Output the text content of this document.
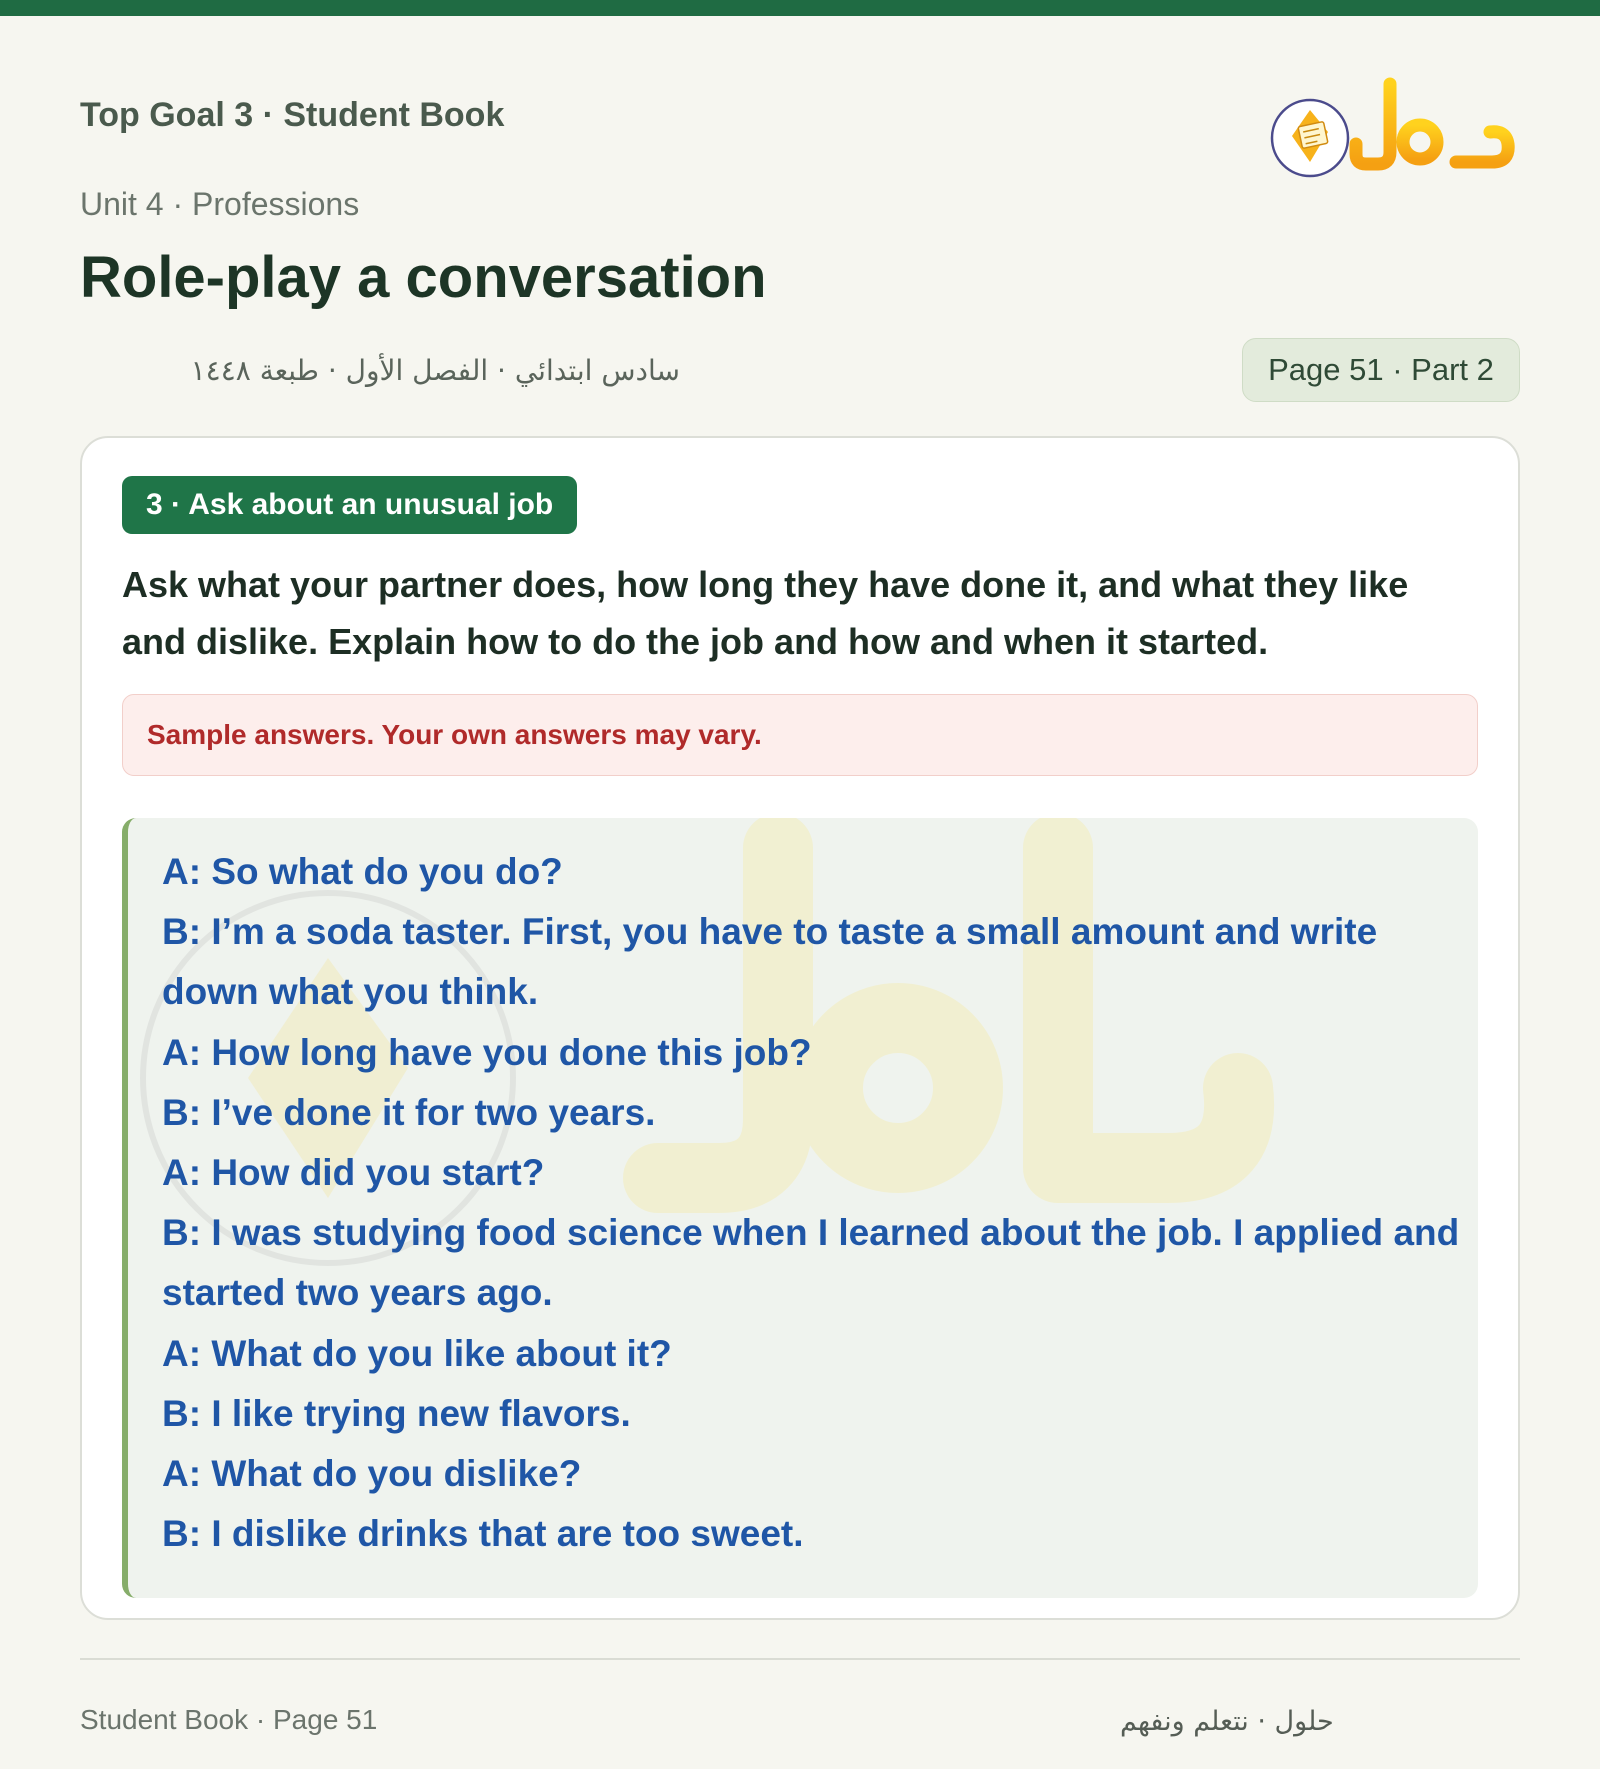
Top Goal 3 · Student Book
Unit 4 · Professions
Role-play a conversation
سادس ابتدائي · الفصل الأول · طبعة ١٤٤٨	Page 51 · Part 2
3 · Ask about an unusual job

Ask what your partner does, how long they have done it, and what they like and dislike. Explain how to do the job and how and when it started.

Sample answers. Your own answers may vary.
A: So what do you do?
B: I’m a soda taster. First, you have to taste a small amount and write down what you think.
A: How long have you done this job?
B: I’ve done it for two years.
A: How did you start?
B: I was studying food science when I learned about the job. I applied and started two years ago.
A: What do you like about it?
B: I like trying new flavors.
A: What do you dislike?
B: I dislike drinks that are too sweet.
Student Book · Page 51	حلول · نتعلم ونفهم
